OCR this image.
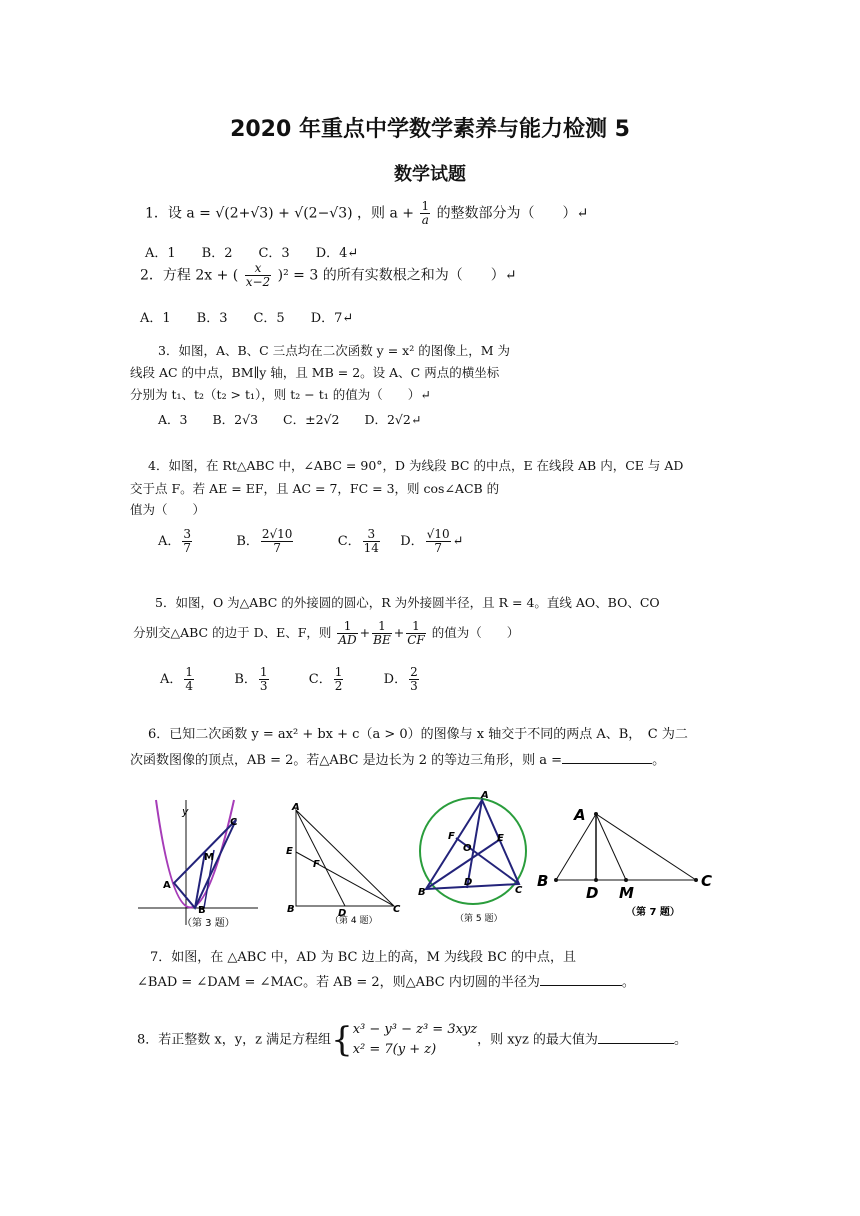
2020 年重点中学数学素养与能力检测 5
数学试题
1．设 a = √(2+√3) + √(2−√3) ，则 $a + \frac{1}{a}$ 的整数部分为（　　）↵
A．1　　B．2　　C．3　　D．4↵
2．方程 2x + ( $\frac{x}{x-2} )^2 = 3$ 的所有实数根之和为（　　）↵
A．1　　B．3　　C．5　　D．7↵
3．如图，A、B、C 三点均在二次函数 y = x² 的图像上，M 为
线段 AC 的中点，BM∥y 轴，且 MB = 2。设 A、C 两点的横坐标
分别为 t₁、t₂（t₂ > t₁），则 t₂ − t₁ 的值为（　　）↵
A．3　　B．2√3　　C．±2√2　　D．2√2↵
4．如图，在 Rt△ABC 中，∠ABC = 90°，D 为线段 BC 的中点，E 在线段 AB 内，CE 与 AD
交于点 F。若 AE = EF，且 AC = 7，FC = 3，则 cos∠ACB 的
值为（　　）
A． $\frac{3}{7}$	B． $\frac{2√10}{7}$	C． $\frac{3}{14}$ D． $\frac{√10}{7}$ ↵
5．如图，O 为△ABC 的外接圆的圆心，R 为外接圆半径，且 R = 4。直线 AO、BO、CO
分别交△ABC 的边于 D、E、F，则 $\frac{1}{AD} + \frac{1}{BE} + \frac{1}{CF}$ 的值为（　　）
A． $\frac{1}{4}$	B． $\frac{1}{3}$	C． $\frac{1}{2}$	D． $\frac{2}{3}$
6．已知二次函数 y = ax² + bx + c（a > 0）的图像与 x 轴交于不同的两点 A、B，　C 为二
次函数图像的顶点，AB = 2。若△ABC 是边长为 2 的等边三角形，则 a =	。
y
A
B
C
M
（第 3 题）
A
B	C
D
E
F
（第 4 题）
A
B	C
D
E
F
O
（第 5 题）
A
B	C
D M
（第 7 题）
7．如图，在 △ABC 中，AD 为 BC 边上的高，M 为线段 BC 的中点，且
∠BAD = ∠DAM = ∠MAC。若 AB = 2，则△ABC 内切圆的半径为	。
8．若正整数 x，y，z 满足方程组{ x³ − y³ − z³ = 3xyz
x² = 7(y + z)
，则 xyz 的最大值为	。
